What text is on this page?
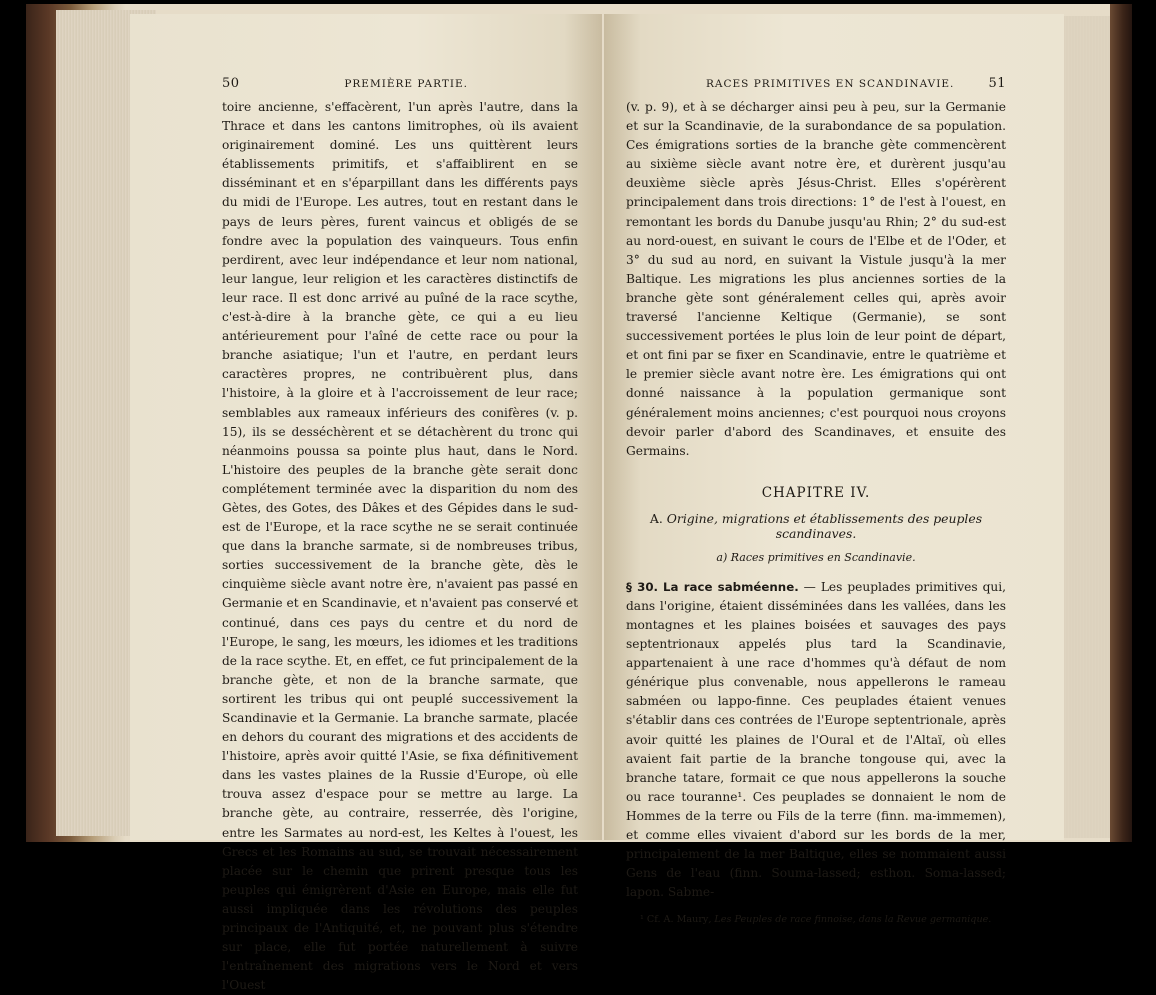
50	PREMIÈRE PARTIE.

toire ancienne, s'effacèrent, l'un après l'autre, dans la Thrace et dans les cantons limitrophes, où ils avaient originairement dominé. Les uns quittèrent leurs établissements primitifs, et s'affaiblirent en se disséminant et en s'éparpillant dans les différents pays du midi de l'Europe. Les autres, tout en restant dans le pays de leurs pères, furent vaincus et obligés de se fondre avec la population des vainqueurs. Tous enfin perdirent, avec leur indépendance et leur nom national, leur langue, leur religion et les caractères distinctifs de leur race. Il est donc arrivé au puîné de la race scythe, c'est-à-dire à la branche gète, ce qui a eu lieu antérieurement pour l'aîné de cette race ou pour la branche asiatique; l'un et l'autre, en perdant leurs caractères propres, ne contribuèrent plus, dans l'histoire, à la gloire et à l'accroissement de leur race; semblables aux rameaux inférieurs des conifères (v. p. 15), ils se desséchèrent et se détachèrent du tronc qui néanmoins poussa sa pointe plus haut, dans le Nord. L'histoire des peuples de la branche gète serait donc complétement terminée avec la disparition du nom des Gètes, des Gotes, des Dâkes et des Gépides dans le sud-est de l'Europe, et la race scythe ne se serait continuée que dans la branche sarmate, si de nombreuses tribus, sorties successivement de la branche gète, dès le cinquième siècle avant notre ère, n'avaient pas passé en Germanie et en Scandinavie, et n'avaient pas conservé et continué, dans ces pays du centre et du nord de l'Europe, le sang, les mœurs, les idiomes et les traditions de la race scythe. Et, en effet, ce fut principalement de la branche gète, et non de la branche sarmate, que sortirent les tribus qui ont peuplé successivement la Scandinavie et la Germanie. La branche sarmate, placée en dehors du courant des migrations et des accidents de l'histoire, après avoir quitté l'Asie, se fixa définitivement dans les vastes plaines de la Russie d'Europe, où elle trouva assez d'espace pour se mettre au large. La branche gète, au contraire, resserrée, dès l'origine, entre les Sarmates au nord-est, les Keltes à l'ouest, les Grecs et les Romains au sud, se trouvait nécessairement placée sur le chemin que prirent presque tous les peuples qui émigrèrent d'Asie en Europe, mais elle fut aussi impliquée dans les révolutions des peuples principaux de l'Antiquité, et, ne pouvant plus s'étendre sur place, elle fut portée naturellement à suivre l'entraînement des migrations vers le Nord et vers l'Ouest

RACES PRIMITIVES EN SCANDINAVIE.	51

(v. p. 9), et à se décharger ainsi peu à peu, sur la Germanie et sur la Scandinavie, de la surabondance de sa population. Ces émigrations sorties de la branche gète commencèrent au sixième siècle avant notre ère, et durèrent jusqu'au deuxième siècle après Jésus-Christ. Elles s'opérèrent principalement dans trois directions: 1° de l'est à l'ouest, en remontant les bords du Danube jusqu'au Rhin; 2° du sud-est au nord-ouest, en suivant le cours de l'Elbe et de l'Oder, et 3° du sud au nord, en suivant la Vistule jusqu'à la mer Baltique. Les migrations les plus anciennes sorties de la branche gète sont généralement celles qui, après avoir traversé l'ancienne Keltique (Germanie), se sont successivement portées le plus loin de leur point de départ, et ont fini par se fixer en Scandinavie, entre le quatrième et le premier siècle avant notre ère. Les émigrations qui ont donné naissance à la population germanique sont généralement moins anciennes; c'est pourquoi nous croyons devoir parler d'abord des Scandinaves, et ensuite des Germains.

CHAPITRE IV.
A. Origine, migrations et établissements des peuples scandinaves.
a) Races primitives en Scandinavie.

§ 30. La race sabméenne. — Les peuplades primitives qui, dans l'origine, étaient disséminées dans les vallées, dans les montagnes et les plaines boisées et sauvages des pays septentrionaux appelés plus tard la Scandinavie, appartenaient à une race d'hommes qu'à défaut de nom générique plus convenable, nous appellerons le rameau sabméen ou lappo-finne. Ces peuplades étaient venues s'établir dans ces contrées de l'Europe septentrionale, après avoir quitté les plaines de l'Oural et de l'Altaï, où elles avaient fait partie de la branche tongouse qui, avec la branche tatare, formait ce que nous appellerons la souche ou race touranne¹. Ces peuplades se donnaient le nom de Hommes de la terre ou Fils de la terre (finn. ma-immemen), et comme elles vivaient d'abord sur les bords de la mer, principalement de la mer Baltique, elles se nommaient aussi Gens de l'eau (finn. Souma-lassed; esthon. Soma-lassed; lapon. Sabme-

¹ Cf. A. Maury, Les Peuples de race finnoise, dans la Revue germanique.
